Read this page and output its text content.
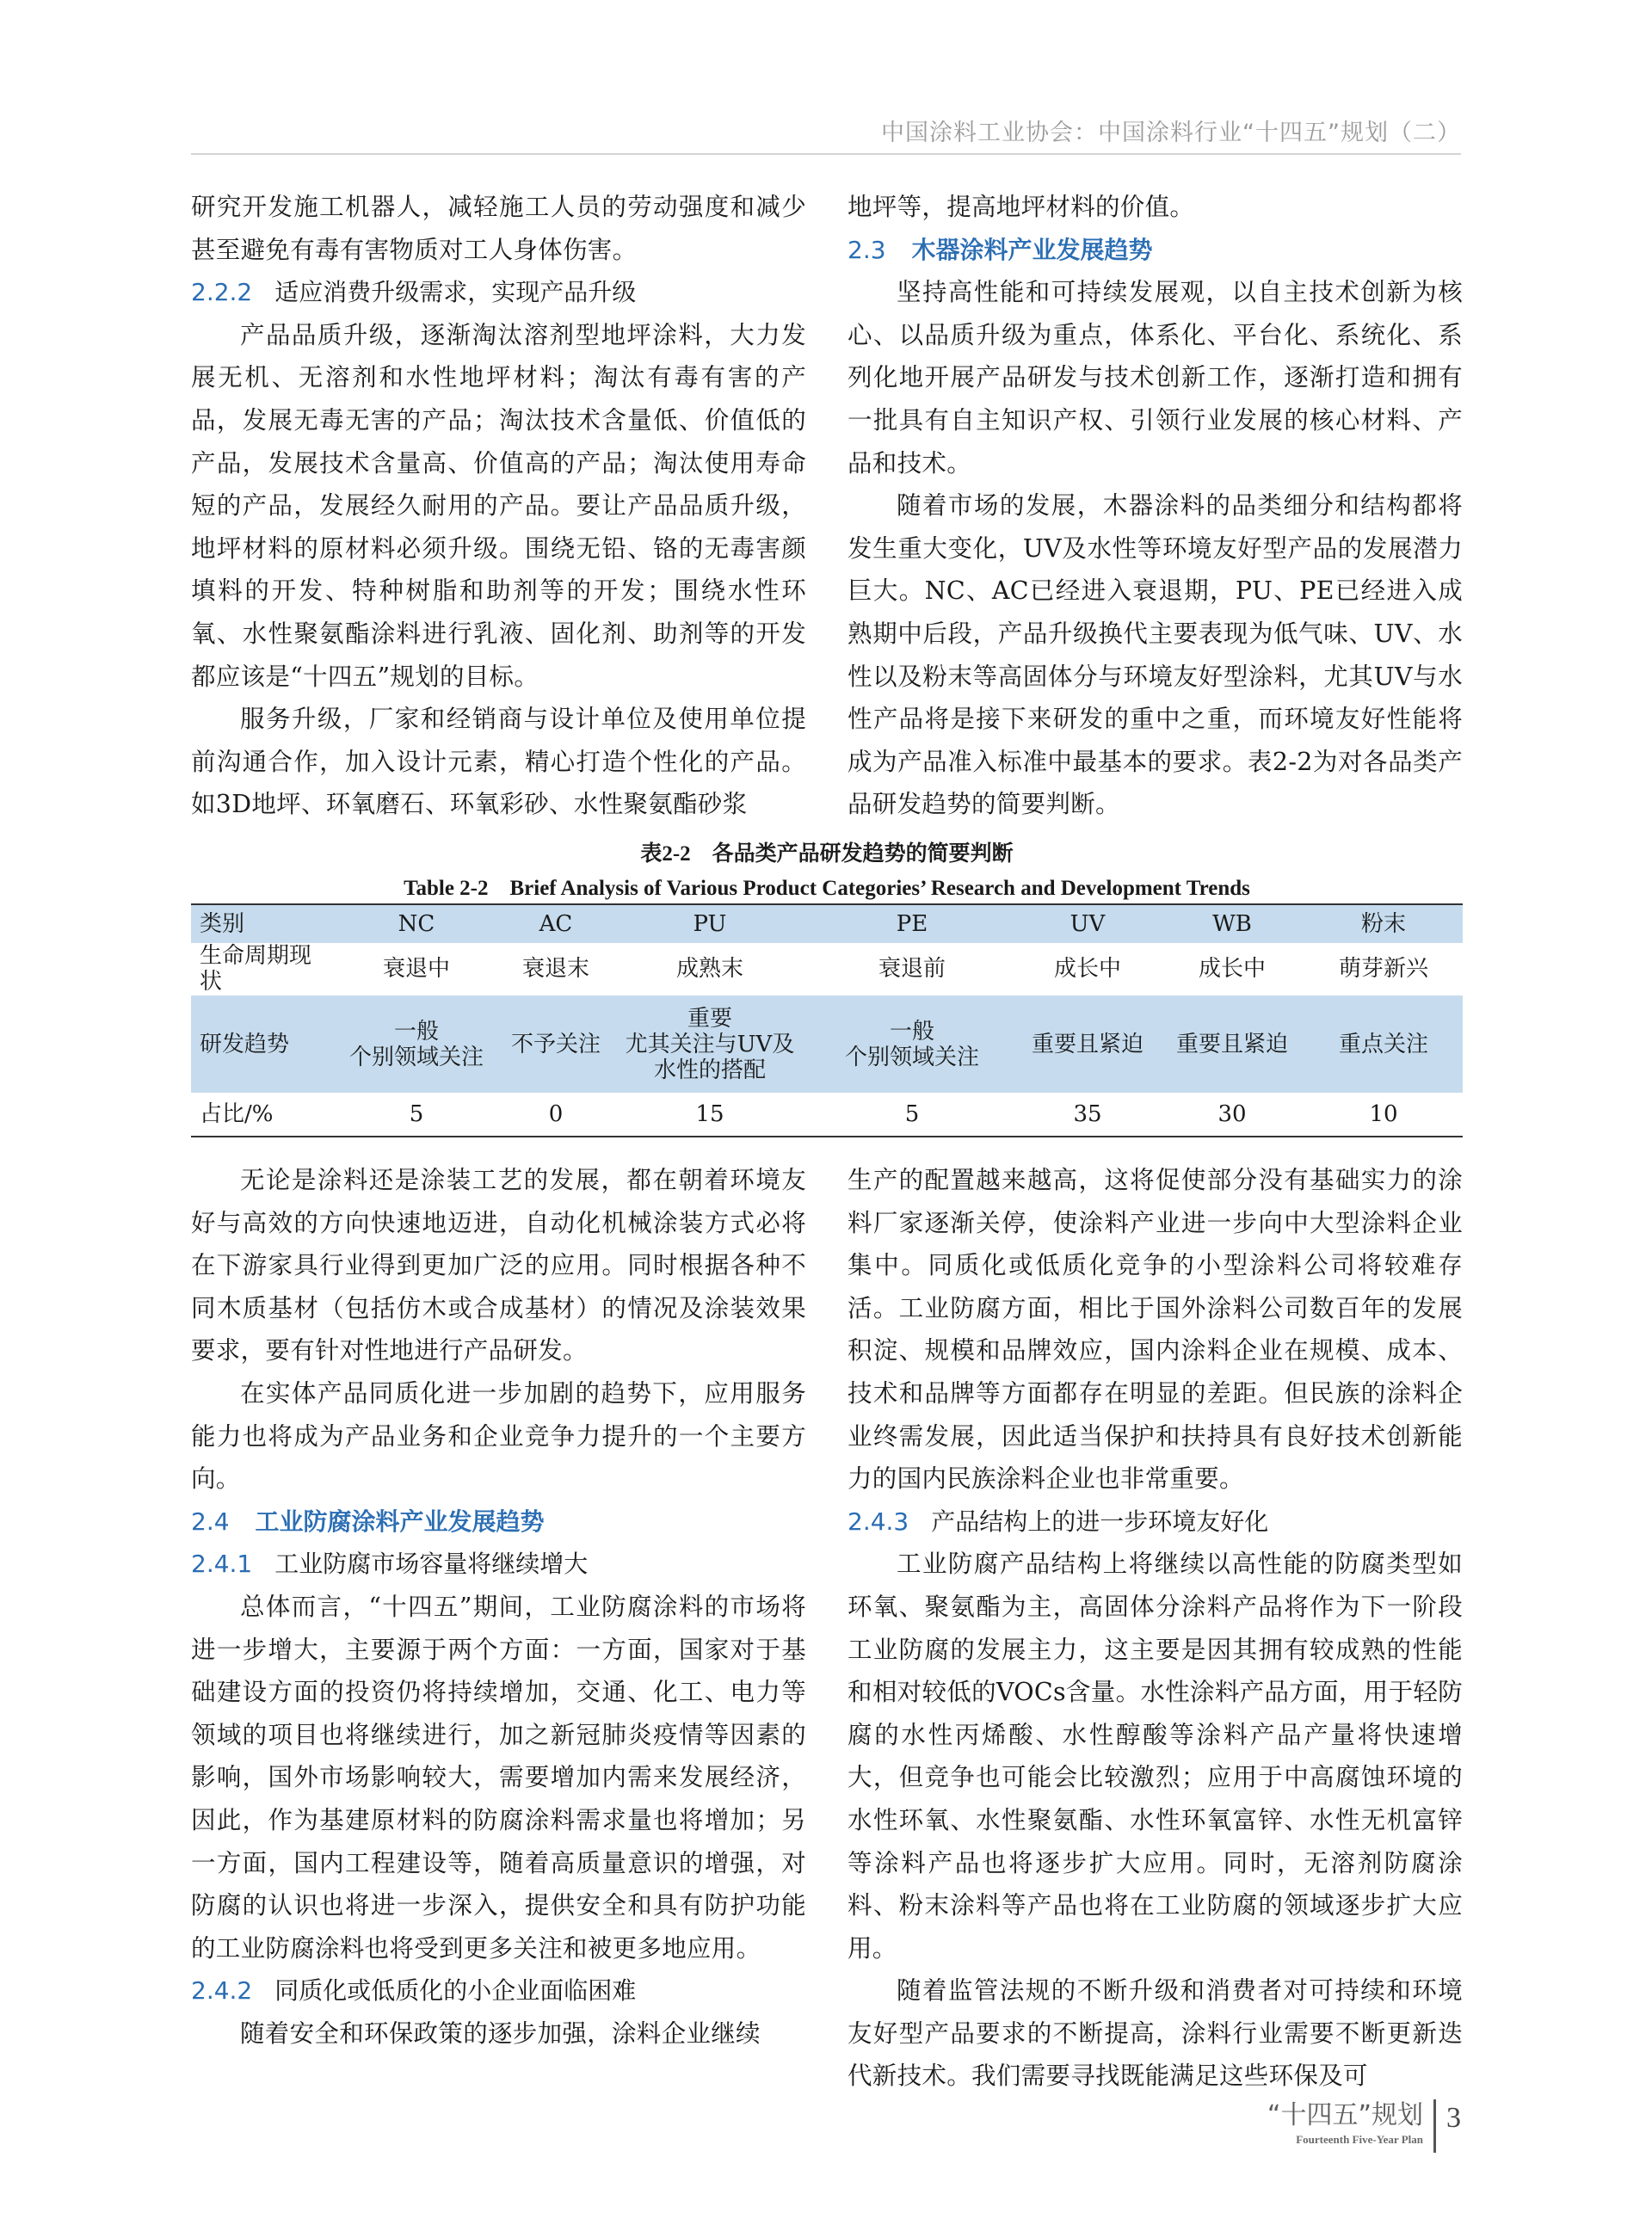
中国涂料工业协会：中国涂料行业“十四五”规划（二）

研究开发施工机器人，减轻施工人员的劳动强度和减少甚至避免有毒有害物质对工人身体伤害。

2.2.2 适应消费升级需求，实现产品升级

产品品质升级，逐渐淘汰溶剂型地坪涂料，大力发展无机、无溶剂和水性地坪材料；淘汰有毒有害的产品，发展无毒无害的产品；淘汰技术含量低、价值低的产品，发展技术含量高、价值高的产品；淘汰使用寿命短的产品，发展经久耐用的产品。要让产品品质升级，地坪材料的原材料必须升级。围绕无铅、铬的无毒害颜填料的开发、特种树脂和助剂等的开发；围绕水性环氧、水性聚氨酯涂料进行乳液、固化剂、助剂等的开发都应该是“十四五”规划的目标。

服务升级，厂家和经销商与设计单位及使用单位提前沟通合作，加入设计元素，精心打造个性化的产品。如3D地坪、环氧磨石、环氧彩砂、水性聚氨酯砂浆

地坪等，提高地坪材料的价值。

2.3 木器涂料产业发展趋势

坚持高性能和可持续发展观，以自主技术创新为核心、以品质升级为重点，体系化、平台化、系统化、系列化地开展产品研发与技术创新工作，逐渐打造和拥有一批具有自主知识产权、引领行业发展的核心材料、产品和技术。

随着市场的发展，木器涂料的品类细分和结构都将发生重大变化，UV及水性等环境友好型产品的发展潜力巨大。NC、AC已经进入衰退期，PU、PE已经进入成熟期中后段，产品升级换代主要表现为低气味、UV、水性以及粉末等高固体分与环境友好型涂料，尤其UV与水性产品将是接下来研发的重中之重，而环境友好性能将成为产品准入标准中最基本的要求。表2-2为对各品类产品研发趋势的简要判断。

表2-2　各品类产品研发趋势的简要判断
Table 2-2　Brief Analysis of Various Product Categories’ Research and Development Trends
类别	NC	AC	PU	PE	UV	WB	粉末
生命周期现状	衰退中	衰退末	成熟末	衰退前	成长中	成长中	萌芽新兴

研发趋势	一般
个别领域关注	不予关注	重要
尤其关注与UV及
水性的搭配	一般
个别领域关注	重要且紧迫	重要且紧迫	重点关注

占比/%	5	0	15	5	35	30	10

无论是涂料还是涂装工艺的发展，都在朝着环境友好与高效的方向快速地迈进，自动化机械涂装方式必将在下游家具行业得到更加广泛的应用。同时根据各种不同木质基材（包括仿木或合成基材）的情况及涂装效果要求，要有针对性地进行产品研发。

在实体产品同质化进一步加剧的趋势下，应用服务能力也将成为产品业务和企业竞争力提升的一个主要方向。

2.4 工业防腐涂料产业发展趋势
2.4.1 工业防腐市场容量将继续增大

总体而言，“十四五”期间，工业防腐涂料的市场将进一步增大，主要源于两个方面：一方面，国家对于基础建设方面的投资仍将持续增加，交通、化工、电力等领域的项目也将继续进行，加之新冠肺炎疫情等因素的影响，国外市场影响较大，需要增加内需来发展经济，因此，作为基建原材料的防腐涂料需求量也将增加；另一方面，国内工程建设等，随着高质量意识的增强，对防腐的认识也将进一步深入，提供安全和具有防护功能的工业防腐涂料也将受到更多关注和被更多地应用。

2.4.2 同质化或低质化的小企业面临困难

随着安全和环保政策的逐步加强，涂料企业继续

生产的配置越来越高，这将促使部分没有基础实力的涂料厂家逐渐关停，使涂料产业进一步向中大型涂料企业集中。同质化或低质化竞争的小型涂料公司将较难存活。工业防腐方面，相比于国外涂料公司数百年的发展积淀、规模和品牌效应，国内涂料企业在规模、成本、技术和品牌等方面都存在明显的差距。但民族的涂料企业终需发展，因此适当保护和扶持具有良好技术创新能力的国内民族涂料企业也非常重要。

2.4.3 产品结构上的进一步环境友好化

工业防腐产品结构上将继续以高性能的防腐类型如环氧、聚氨酯为主，高固体分涂料产品将作为下一阶段工业防腐的发展主力，这主要是因其拥有较成熟的性能和相对较低的VOCs含量。水性涂料产品方面，用于轻防腐的水性丙烯酸、水性醇酸等涂料产品产量将快速增大，但竞争也可能会比较激烈；应用于中高腐蚀环境的水性环氧、水性聚氨酯、水性环氧富锌、水性无机富锌等涂料产品也将逐步扩大应用。同时，无溶剂防腐涂料、粉末涂料等产品也将在工业防腐的领域逐步扩大应用。

随着监管法规的不断升级和消费者对可持续和环境友好型产品要求的不断提高，涂料行业需要不断更新迭代新技术。我们需要寻找既能满足这些环保及可

“十四五”规划
Fourteenth Five-Year Plan
3
